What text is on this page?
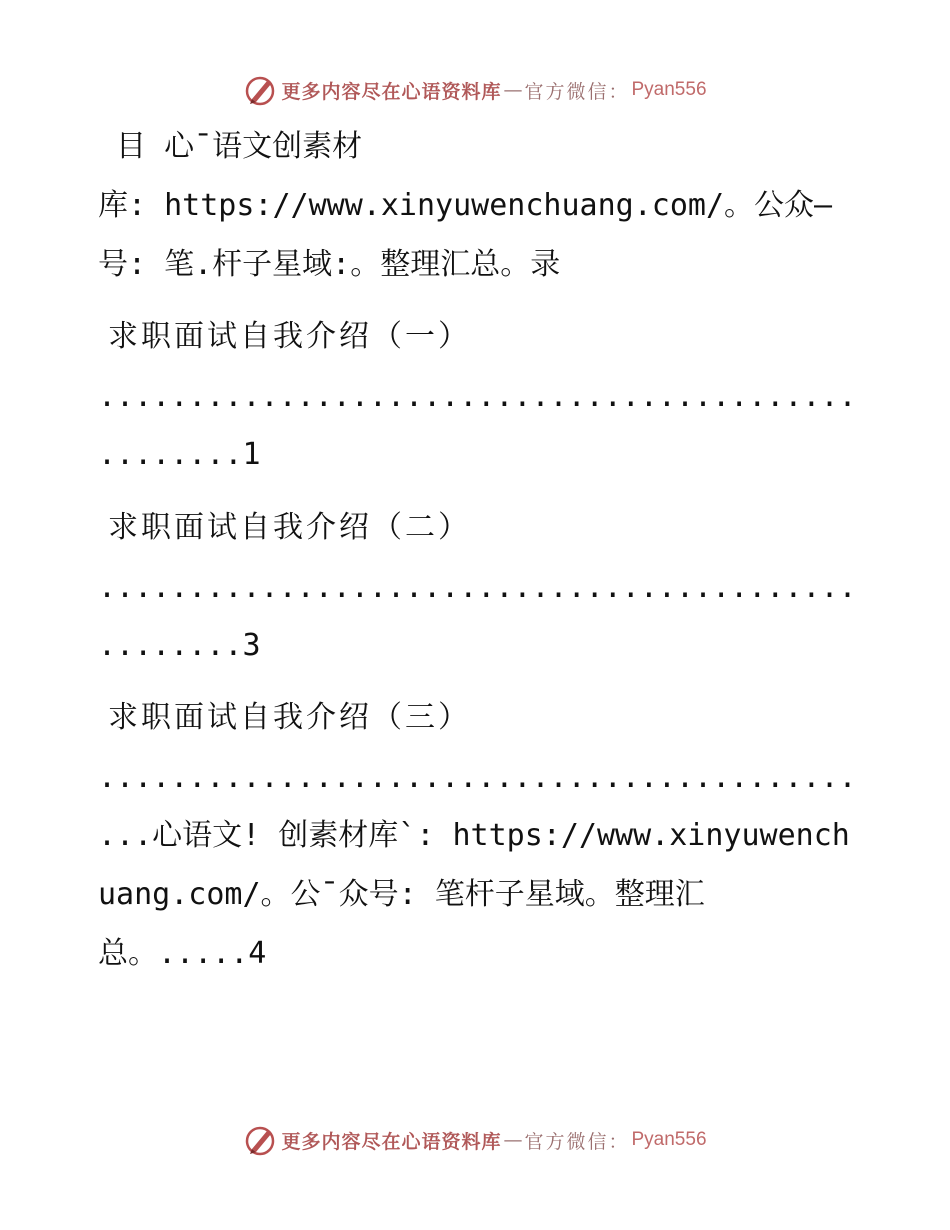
更多内容尽在心语资料库 — 官方微信： Pyan556
目 心¯语文创素材
库: https://www.xinyuwenchuang.com/。公众—
号: 笔.杆子星域:。整理汇总。录
求职面试自我介绍（一）
..........................................
........1
求职面试自我介绍（二）
..........................................
........3
求职面试自我介绍（三）
..........................................
...心语文! 创素材库`: https://www.xinyuwench
uang.com/。公¯众号: 笔杆子星域。整理汇
总。.....4
更多内容尽在心语资料库 — 官方微信： Pyan556
